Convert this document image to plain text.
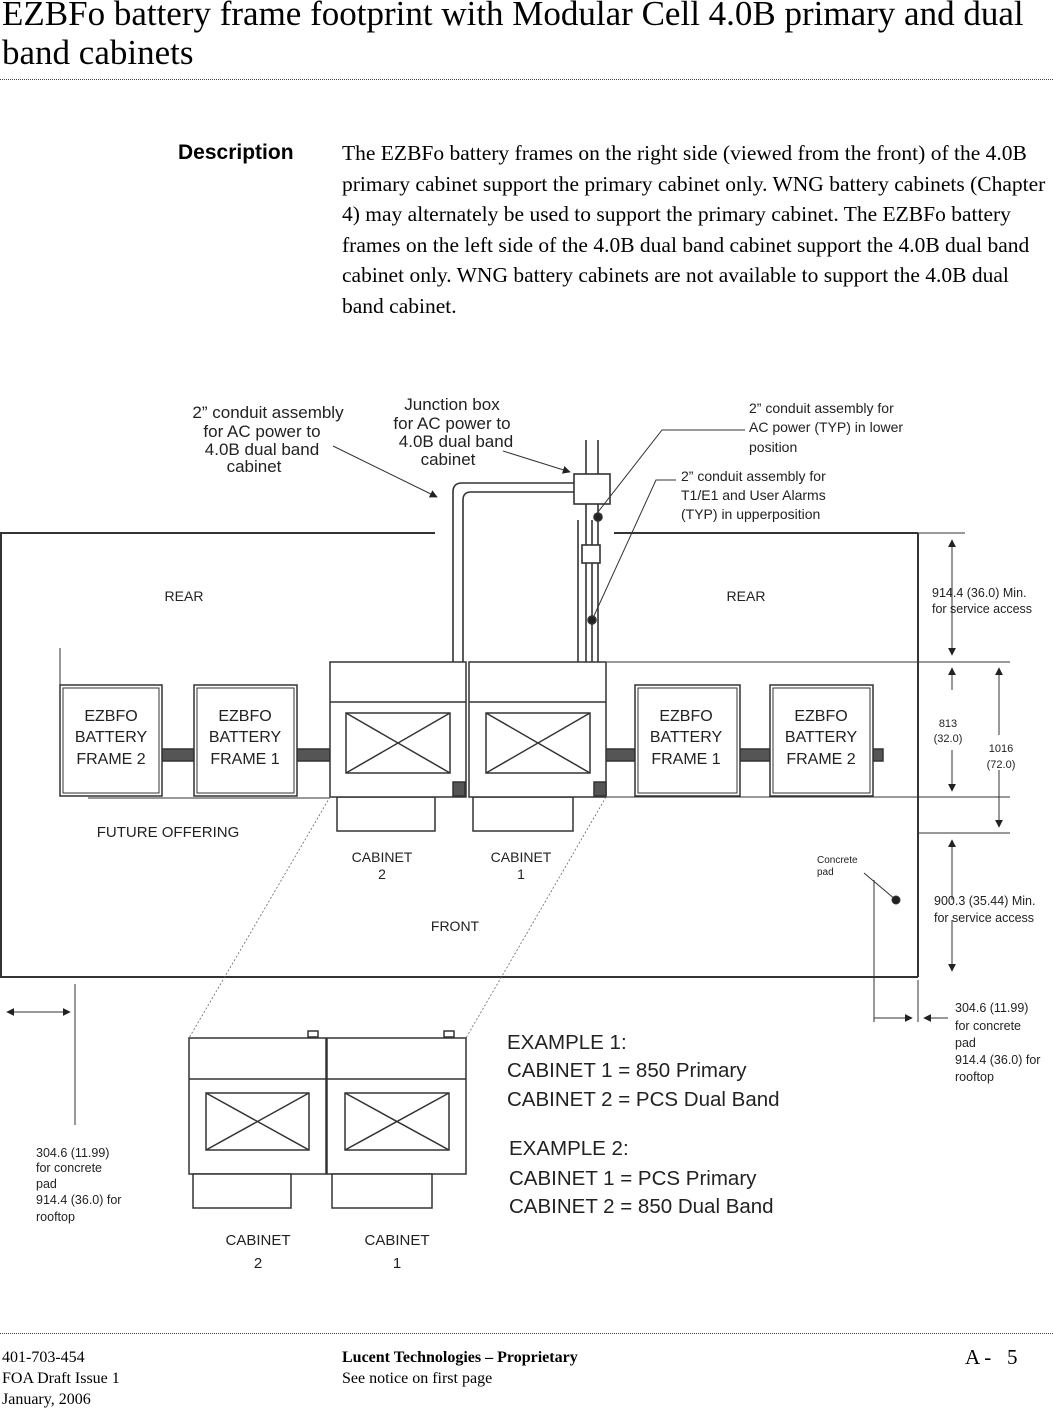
EZBFo battery frame footprint with Modular Cell 4.0B primary and dual band cabinets
Description The EZBFo battery frames on the right side (viewed from the front) of the 4.0B primary cabinet support the primary cabinet only. WNG battery cabinets (Chapter 4) may alternately be used to support the primary cabinet. The EZBFo battery frames on the left side of the 4.0B dual band cabinet support the 4.0B dual band cabinet only. WNG battery cabinets are not available to support the 4.0B dual band cabinet.
2” conduit assembly
for AC power to
4.0B dual band
cabinet
Junction box
for AC power to
4.0B dual band
cabinet
2” conduit assembly for
AC power (TYP) in lower
position
2” conduit assembly for
T1/E1 and User Alarms
(TYP) in upperposition
REAR	REAR	914.4 (36.0) Min.
for service access
813
(32.0)
1016
(72.0)
EZBFO
BATTERY
FRAME 2
EZBFO
BATTERY
FRAME 1
EZBFO
BATTERY
FRAME 1
EZBFO
BATTERY
FRAME 2
FUTURE OFFERING
CABINET
2
CABINET
1
Concrete
pad
900.3 (35.44) Min.
for service access
FRONT
CABINET
2
CABINET
1
304.6 (11.99)
for concrete
pad
914.4 (36.0) for
rooftop
304.6 (11.99)
for concrete
pad
914.4 (36.0) for
rooftop
EXAMPLE 1:
CABINET 1 = 850 Primary
CABINET 2 = PCS Dual Band
EXAMPLE 2:
CABINET 1 = PCS Primary
CABINET 2 = 850 Dual Band
401-703-454
FOA Draft Issue 1
January, 2006
Lucent Technologies – Proprietary
See notice on first page
A -   5
